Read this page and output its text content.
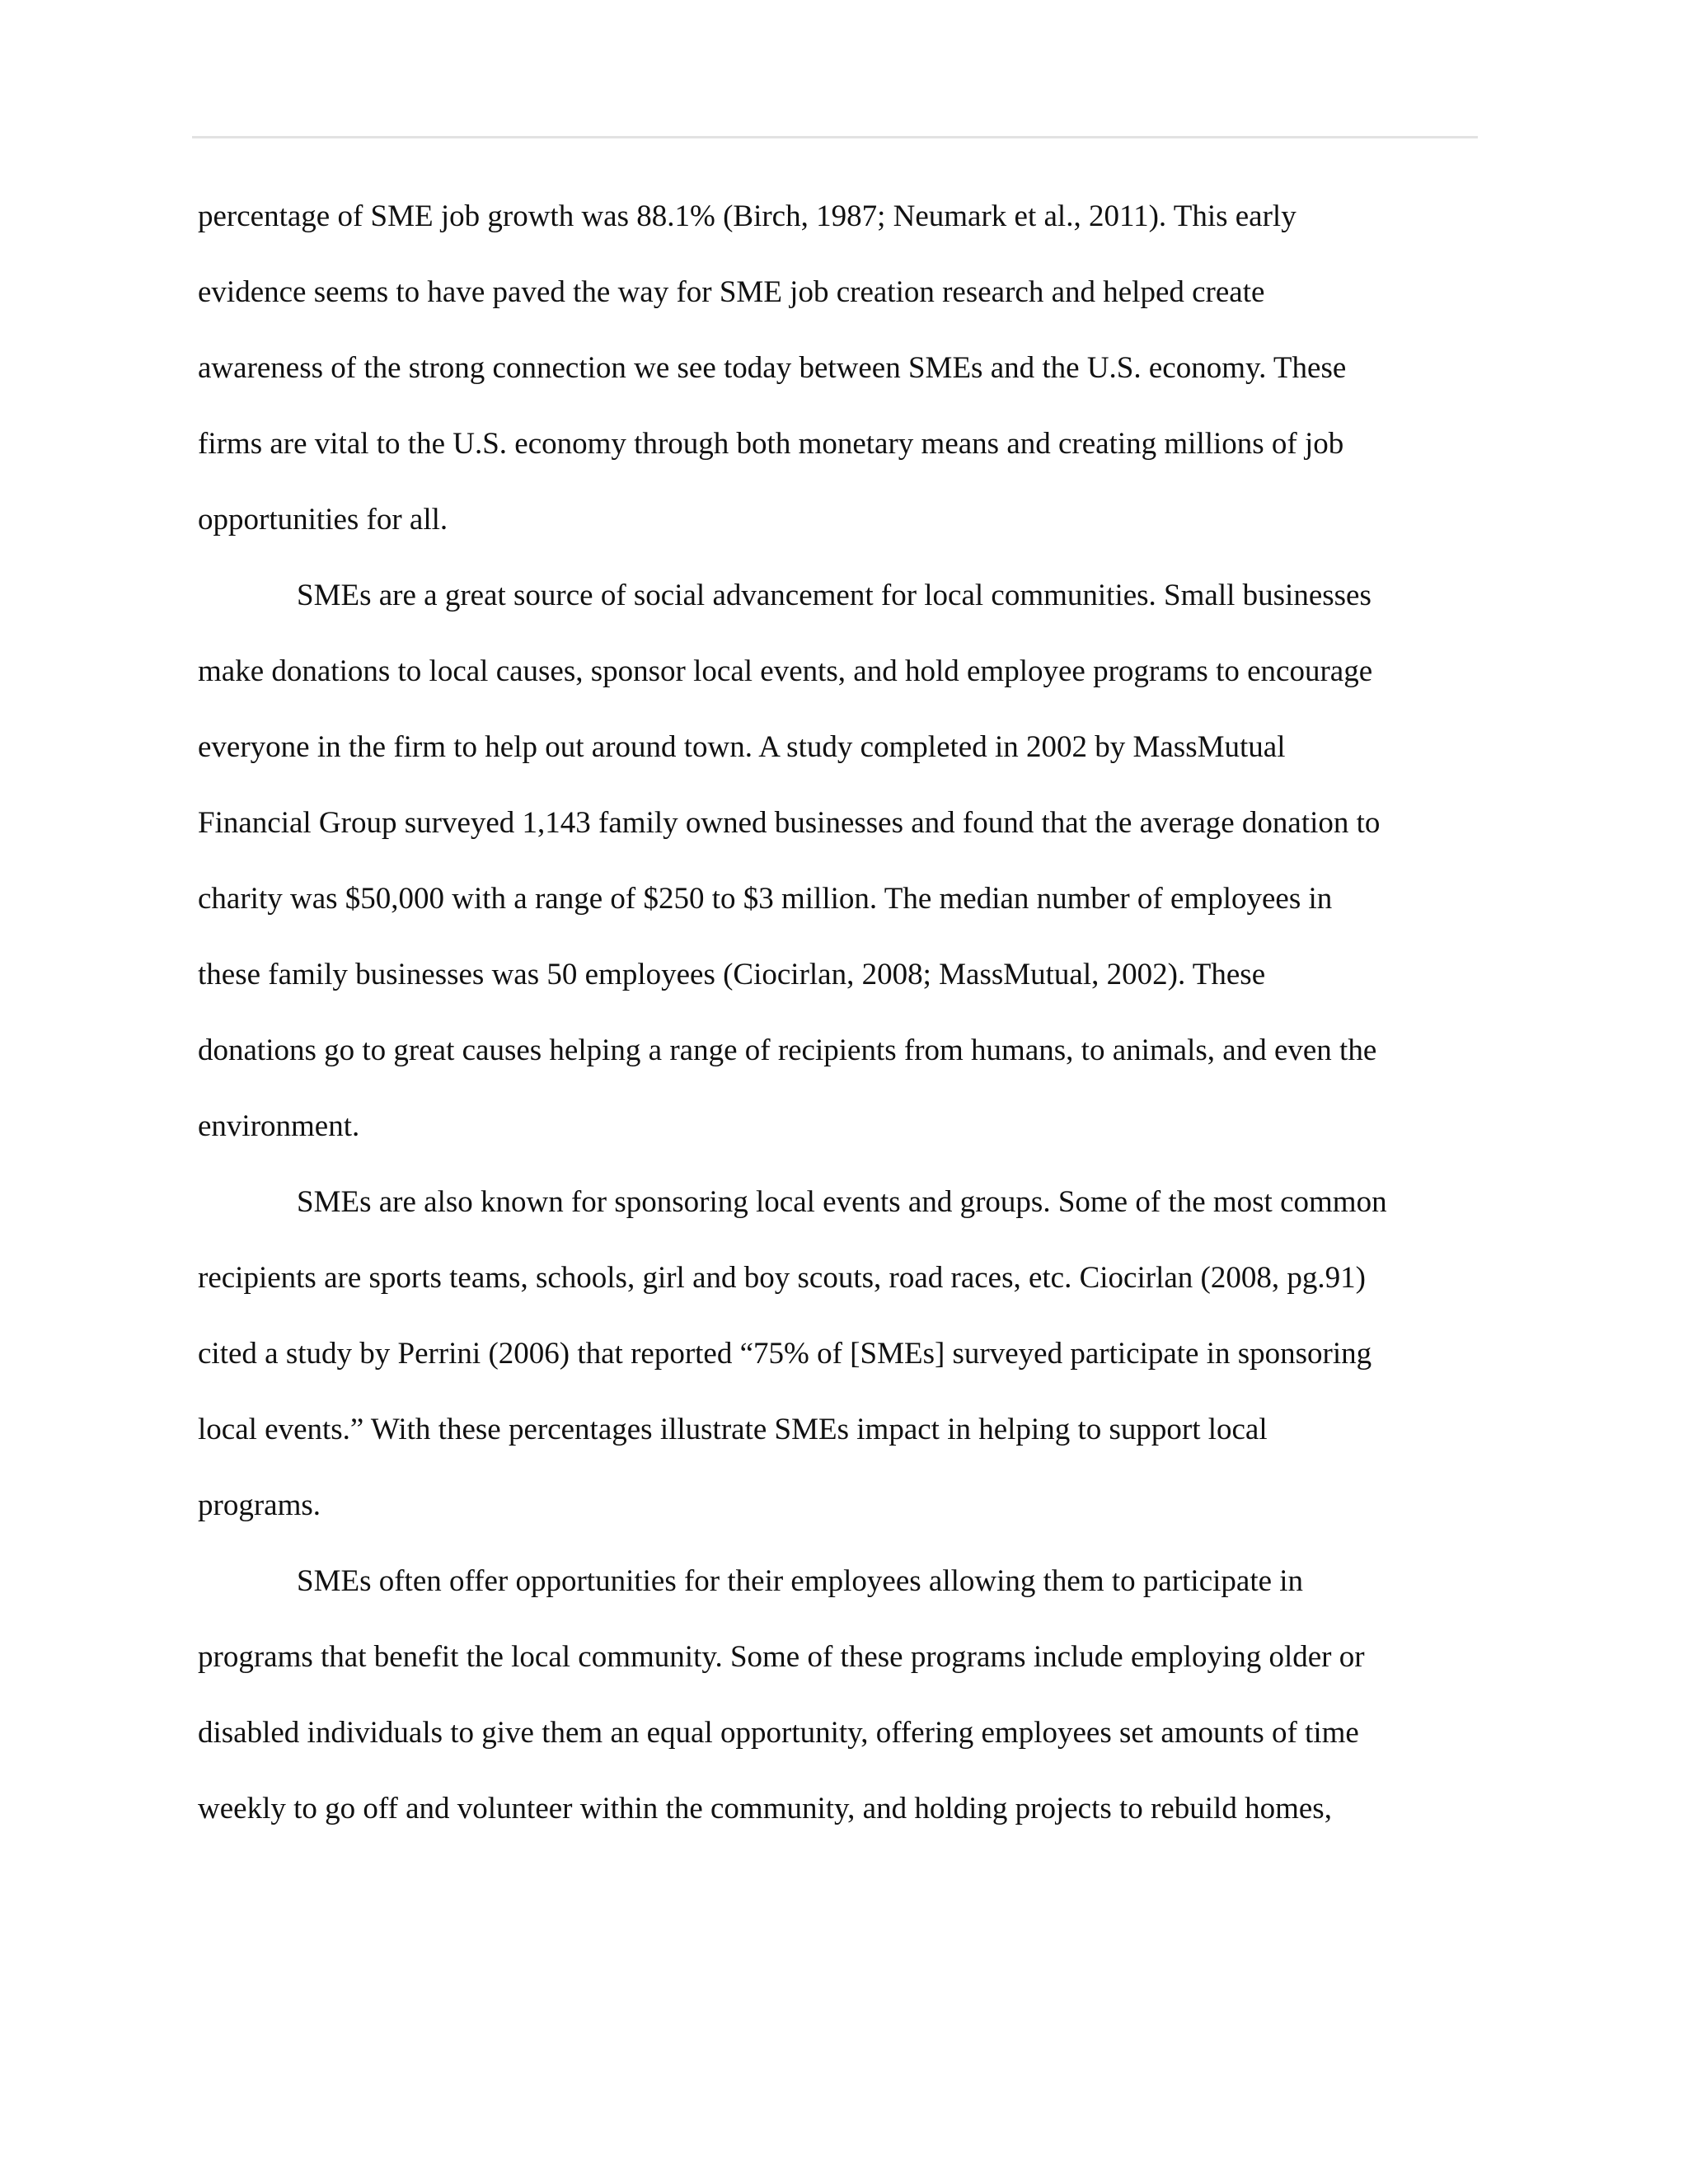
percentage of SME job growth was 88.1% (Birch, 1987; Neumark et al., 2011). This early
evidence seems to have paved the way for SME job creation research and helped create
awareness of the strong connection we see today between SMEs and the U.S. economy. These
firms are vital to the U.S. economy through both monetary means and creating millions of job
opportunities for all.
SMEs are a great source of social advancement for local communities. Small businesses
make donations to local causes, sponsor local events, and hold employee programs to encourage
everyone in the firm to help out around town. A study completed in 2002 by MassMutual
Financial Group surveyed 1,143 family owned businesses and found that the average donation to
charity was $50,000 with a range of $250 to $3 million. The median number of employees in
these family businesses was 50 employees (Ciocirlan, 2008; MassMutual, 2002). These
donations go to great causes helping a range of recipients from humans, to animals, and even the
environment.
SMEs are also known for sponsoring local events and groups. Some of the most common
recipients are sports teams, schools, girl and boy scouts, road races, etc. Ciocirlan (2008, pg.91)
cited a study by Perrini (2006) that reported “75% of [SMEs] surveyed participate in sponsoring
local events.” With these percentages illustrate SMEs impact in helping to support local
programs.
SMEs often offer opportunities for their employees allowing them to participate in
programs that benefit the local community. Some of these programs include employing older or
disabled individuals to give them an equal opportunity, offering employees set amounts of time
weekly to go off and volunteer within the community, and holding projects to rebuild homes,
